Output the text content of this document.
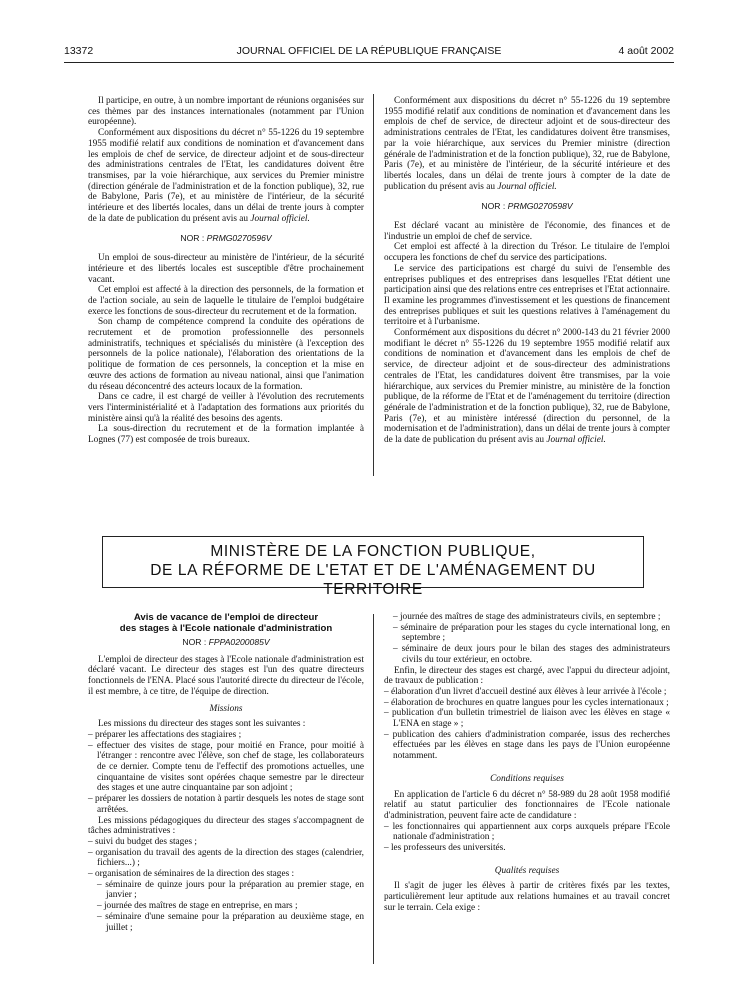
13372	JOURNAL OFFICIEL DE LA RÉPUBLIQUE FRANÇAISE	4 août 2002

Il participe, en outre, à un nombre important de réunions organisées sur ces thèmes par des instances internationales (notamment par l'Union européenne).

Conformément aux dispositions du décret n° 55-1226 du 19 septembre 1955 modifié relatif aux conditions de nomination et d'avancement dans les emplois de chef de service, de directeur adjoint et de sous-directeur des administrations centrales de l'Etat, les candidatures doivent être transmises, par la voie hiérarchique, aux services du Premier ministre (direction générale de l'administration et de la fonction publique), 32, rue de Babylone, Paris (7e), et au ministère de l'intérieur, de la sécurité intérieure et des libertés locales, dans un délai de trente jours à compter de la date de publication du présent avis au Journal officiel.

NOR : PRMG0270596V

Un emploi de sous-directeur au ministère de l'intérieur, de la sécurité intérieure et des libertés locales est susceptible d'être prochainement vacant.

Cet emploi est affecté à la direction des personnels, de la formation et de l'action sociale, au sein de laquelle le titulaire de l'emploi budgétaire exerce les fonctions de sous-directeur du recrutement et de la formation.

Son champ de compétence comprend la conduite des opérations de recrutement et de promotion professionnelle des personnels administratifs, techniques et spécialisés du ministère (à l'exception des personnels de la police nationale), l'élaboration des orientations de la politique de formation de ces personnels, la conception et la mise en œuvre des actions de formation au niveau national, ainsi que l'animation du réseau déconcentré des acteurs locaux de la formation.

Dans ce cadre, il est chargé de veiller à l'évolution des recrutements vers l'interministérialité et à l'adaptation des formations aux priorités du ministère ainsi qu'à la réalité des besoins des agents.

La sous-direction du recrutement et de la formation implantée à Lognes (77) est composée de trois bureaux.

Conformément aux dispositions du décret n° 55-1226 du 19 septembre 1955 modifié relatif aux conditions de nomination et d'avancement dans les emplois de chef de service, de directeur adjoint et de sous-directeur des administrations centrales de l'Etat, les candidatures doivent être transmises, par la voie hiérarchique, aux services du Premier ministre (direction générale de l'administration et de la fonction publique), 32, rue de Babylone, Paris (7e), et au ministère de l'intérieur, de la sécurité intérieure et des libertés locales, dans un délai de trente jours à compter de la date de publication du présent avis au Journal officiel.

NOR : PRMG0270598V

Est déclaré vacant au ministère de l'économie, des finances et de l'industrie un emploi de chef de service.

Cet emploi est affecté à la direction du Trésor. Le titulaire de l'emploi occupera les fonctions de chef du service des participations.

Le service des participations est chargé du suivi de l'ensemble des entreprises publiques et des entreprises dans lesquelles l'Etat détient une participation ainsi que des relations entre ces entreprises et l'Etat actionnaire. Il examine les programmes d'investissement et les questions de financement des entreprises publiques et suit les questions relatives à l'aménagement du territoire et à l'urbanisme.

Conformément aux dispositions du décret n° 2000-143 du 21 février 2000 modifiant le décret n° 55-1226 du 19 septembre 1955 modifié relatif aux conditions de nomination et d'avancement dans les emplois de chef de service, de directeur adjoint et de sous-directeur des administrations centrales de l'Etat, les candidatures doivent être transmises, par la voie hiérarchique, aux services du Premier ministre, au ministère de la fonction publique, de la réforme de l'Etat et de l'aménagement du territoire (direction générale de l'administration et de la fonction publique), 32, rue de Babylone, Paris (7e), et au ministère intéressé (direction du personnel, de la modernisation et de l'administration), dans un délai de trente jours à compter de la date de publication du présent avis au Journal officiel.

MINISTÈRE DE LA FONCTION PUBLIQUE,
DE LA RÉFORME DE L'ETAT ET DE L'AMÉNAGEMENT DU TERRITOIRE

Avis de vacance de l'emploi de directeur

des stages à l'Ecole nationale d'administration

NOR : FPPA0200085V

L'emploi de directeur des stages à l'Ecole nationale d'administration est déclaré vacant. Le directeur des stages est l'un des quatre directeurs fonctionnels de l'ENA. Placé sous l'autorité directe du directeur de l'école, il est membre, à ce titre, de l'équipe de direction.

Missions

Les missions du directeur des stages sont les suivantes :

– préparer les affectations des stagiaires ;

– effectuer des visites de stage, pour moitié en France, pour moitié à l'étranger : rencontre avec l'élève, son chef de stage, les collaborateurs de ce dernier. Compte tenu de l'effectif des promotions actuelles, une cinquantaine de visites sont opérées chaque semestre par le directeur des stages et une autre cinquantaine par son adjoint ;

– préparer les dossiers de notation à partir desquels les notes de stage sont arrêtées.

Les missions pédagogiques du directeur des stages s'accompagnent de tâches administratives :

– suivi du budget des stages ;

– organisation du travail des agents de la direction des stages (calendrier, fichiers...) ;

– organisation de séminaires de la direction des stages :

– séminaire de quinze jours pour la préparation au premier stage, en janvier ;

– journée des maîtres de stage en entreprise, en mars ;

– séminaire d'une semaine pour la préparation au deuxième stage, en juillet ;

– journée des maîtres de stage des administrateurs civils, en septembre ;

– séminaire de préparation pour les stages du cycle international long, en septembre ;

– séminaire de deux jours pour le bilan des stages des administrateurs civils du tour extérieur, en octobre.

Enfin, le directeur des stages est chargé, avec l'appui du directeur adjoint, de travaux de publication :

– élaboration d'un livret d'accueil destiné aux élèves à leur arrivée à l'école ;

– élaboration de brochures en quatre langues pour les cycles internationaux ;

– publication d'un bulletin trimestriel de liaison avec les élèves en stage « L'ENA en stage » ;

– publication des cahiers d'administration comparée, issus des recherches effectuées par les élèves en stage dans les pays de l'Union européenne notamment.

Conditions requises

En application de l'article 6 du décret n° 58-989 du 28 août 1958 modifié relatif au statut particulier des fonctionnaires de l'Ecole nationale d'administration, peuvent faire acte de candidature :

– les fonctionnaires qui appartiennent aux corps auxquels prépare l'Ecole nationale d'administration ;

– les professeurs des universités.

Qualités requises

Il s'agit de juger les élèves à partir de critères fixés par les textes, particulièrement leur aptitude aux relations humaines et au travail concret sur le terrain. Cela exige :
